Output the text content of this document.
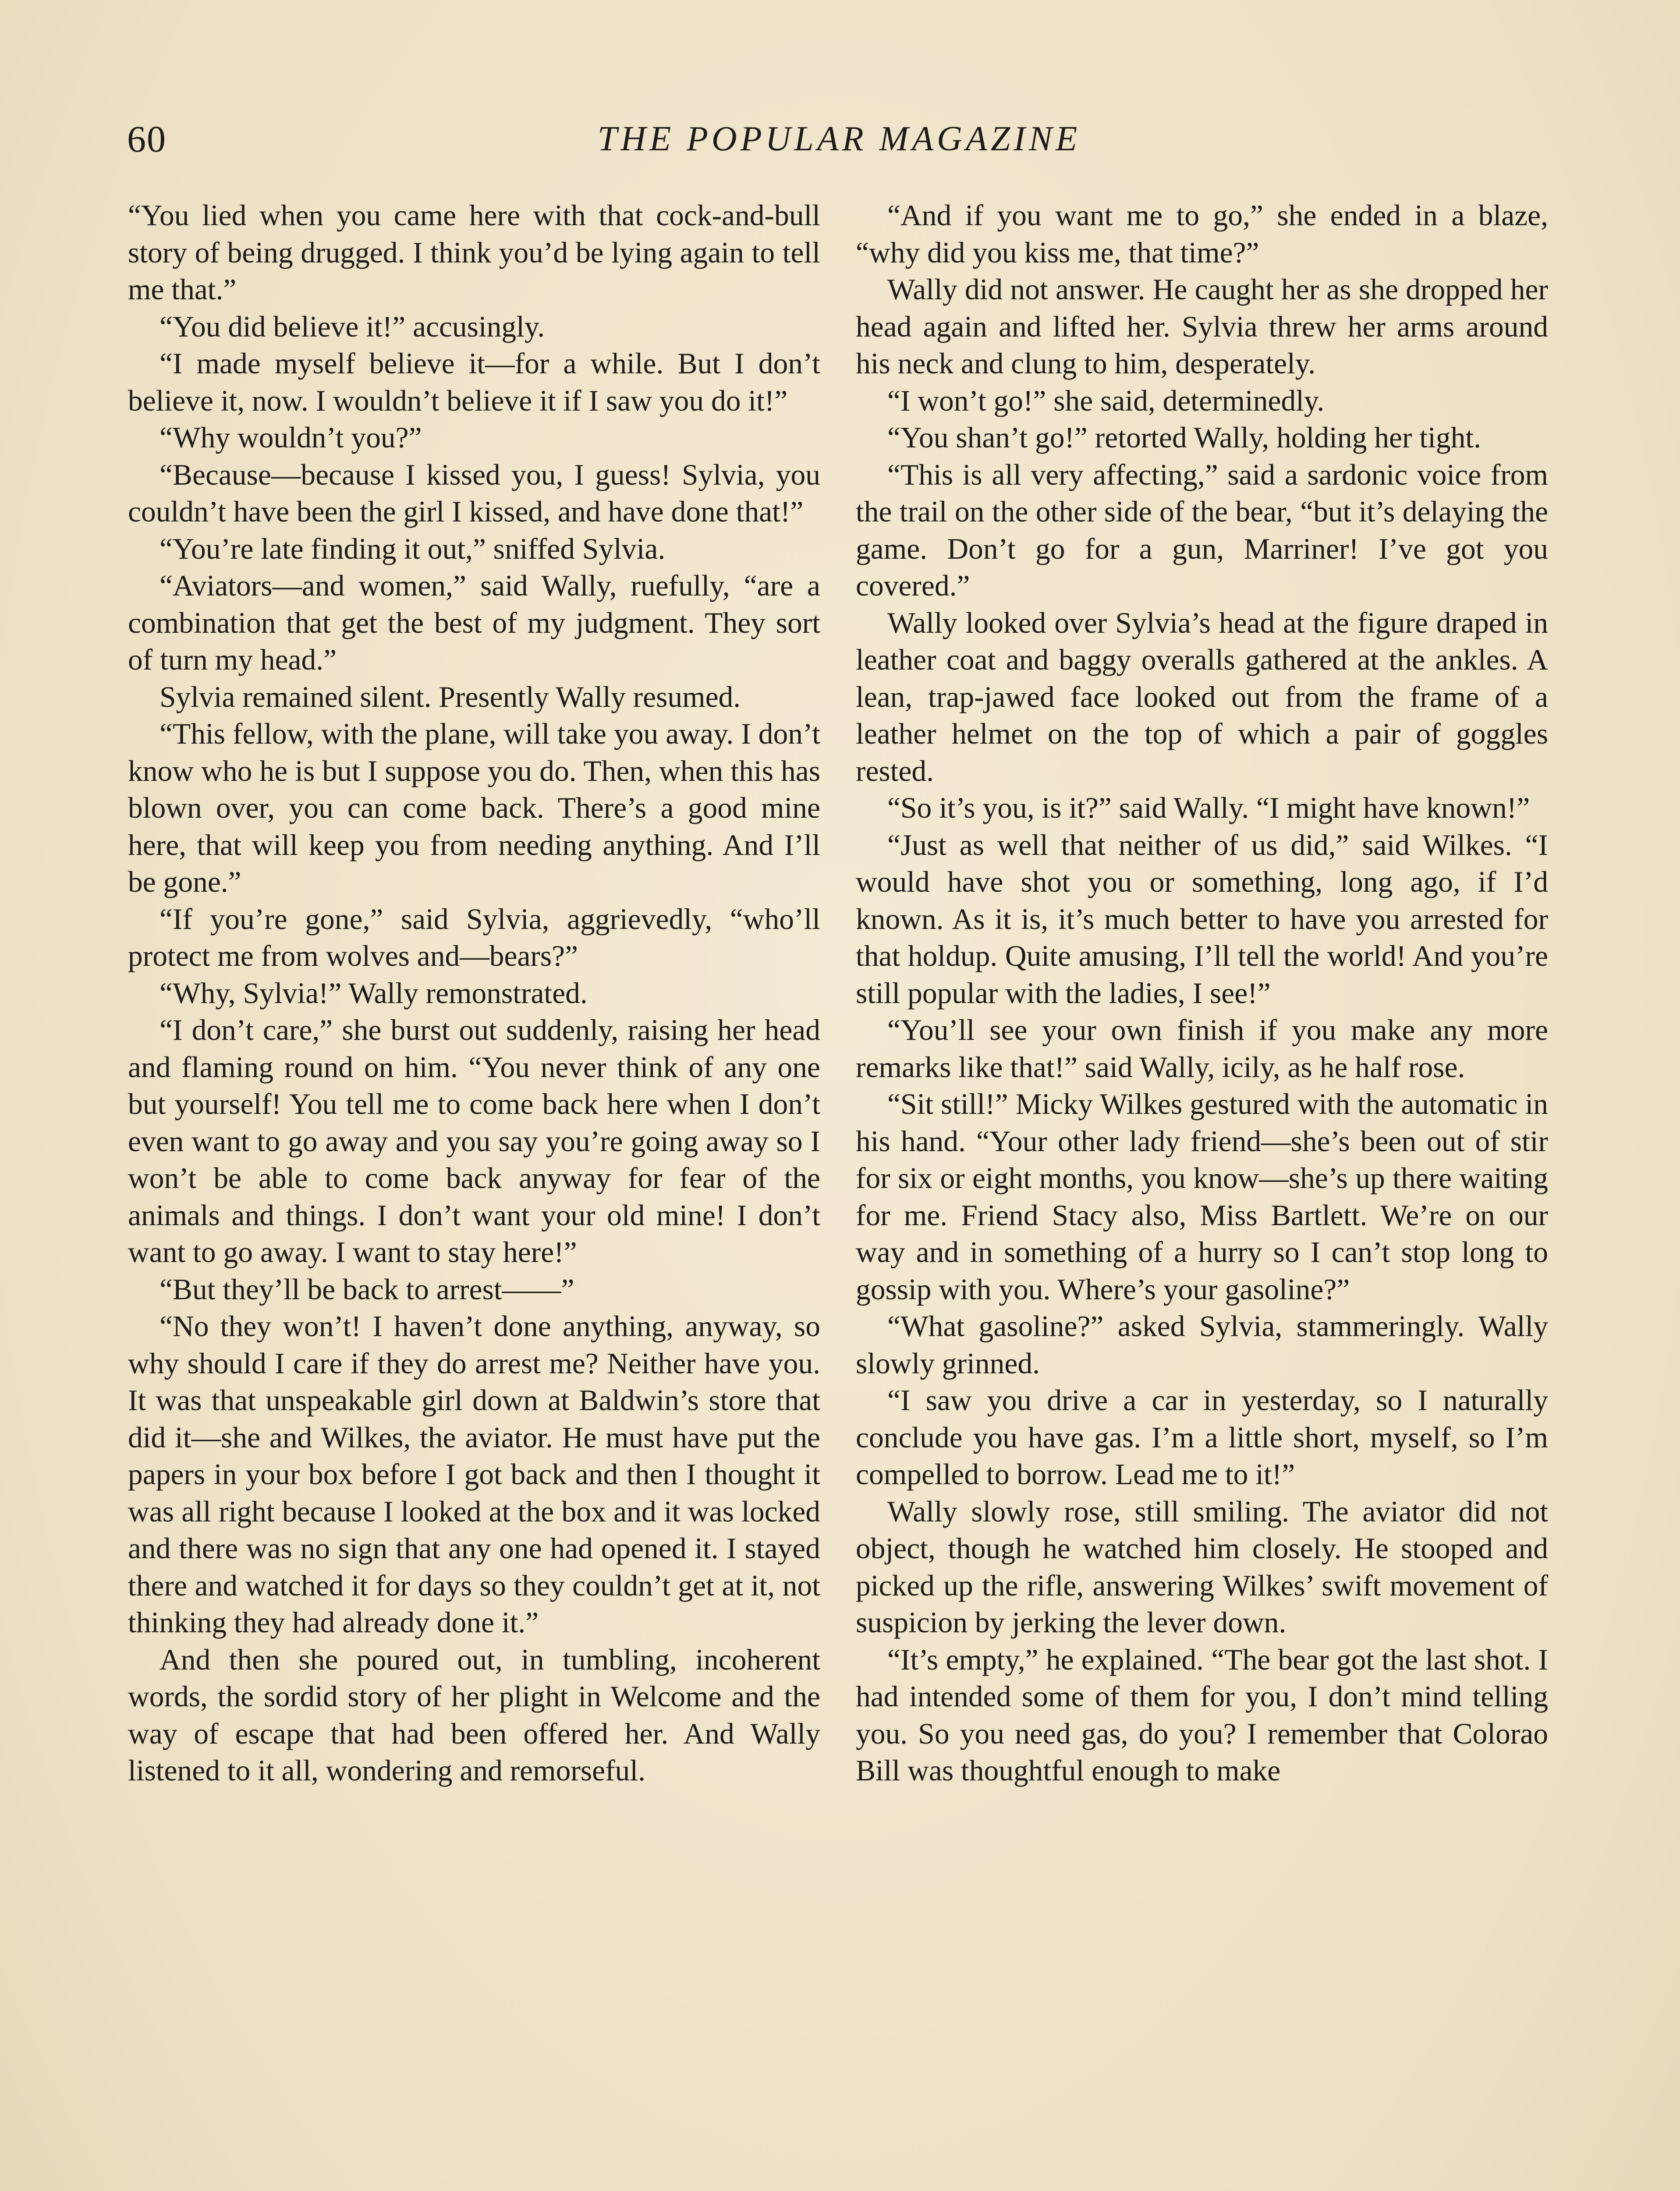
60	THE POPULAR MAGAZINE

“You lied when you came here with that cock-and-bull story of being drugged. I think you’d be lying again to tell me that.”

“You did believe it!” accusingly.

“I made myself believe it—for a while. But I don’t believe it, now. I wouldn’t believe it if I saw you do it!”

“Why wouldn’t you?”

“Because—because I kissed you, I guess! Sylvia, you couldn’t have been the girl I kissed, and have done that!”

“You’re late finding it out,” sniffed Sylvia.

“Aviators—and women,” said Wally, ruefully, “are a combination that get the best of my judgment. They sort of turn my head.”

Sylvia remained silent. Presently Wally resumed.

“This fellow, with the plane, will take you away. I don’t know who he is but I suppose you do. Then, when this has blown over, you can come back. There’s a good mine here, that will keep you from needing anything. And I’ll be gone.”

“If you’re gone,” said Sylvia, aggrievedly, “who’ll protect me from wolves and—bears?”

“Why, Sylvia!” Wally remonstrated.

“I don’t care,” she burst out suddenly, raising her head and flaming round on him. “You never think of any one but yourself! You tell me to come back here when I don’t even want to go away and you say you’re going away so I won’t be able to come back anyway for fear of the animals and things. I don’t want your old mine! I don’t want to go away. I want to stay here!”

“But they’ll be back to arrest——”

“No they won’t! I haven’t done anything, anyway, so why should I care if they do arrest me? Neither have you. It was that unspeakable girl down at Baldwin’s store that did it—she and Wilkes, the aviator. He must have put the papers in your box before I got back and then I thought it was all right because I looked at the box and it was locked and there was no sign that any one had opened it. I stayed there and watched it for days so they couldn’t get at it, not thinking they had already done it.”

And then she poured out, in tumbling, incoherent words, the sordid story of her plight in Welcome and the way of escape that had been offered her. And Wally listened to it all, wondering and remorseful.

“And if you want me to go,” she ended in a blaze, “why did you kiss me, that time?”

Wally did not answer. He caught her as she dropped her head again and lifted her. Sylvia threw her arms around his neck and clung to him, desperately.

“I won’t go!” she said, determinedly.

“You shan’t go!” retorted Wally, holding her tight.

“This is all very affecting,” said a sardonic voice from the trail on the other side of the bear, “but it’s delaying the game. Don’t go for a gun, Marriner! I’ve got you covered.”

Wally looked over Sylvia’s head at the figure draped in leather coat and baggy overalls gathered at the ankles. A lean, trap-jawed face looked out from the frame of a leather helmet on the top of which a pair of goggles rested.

“So it’s you, is it?” said Wally. “I might have known!”

“Just as well that neither of us did,” said Wilkes. “I would have shot you or something, long ago, if I’d known. As it is, it’s much better to have you arrested for that holdup. Quite amusing, I’ll tell the world! And you’re still popular with the ladies, I see!”

“You’ll see your own finish if you make any more remarks like that!” said Wally, icily, as he half rose.

“Sit still!” Micky Wilkes gestured with the automatic in his hand. “Your other lady friend—she’s been out of stir for six or eight months, you know—she’s up there waiting for me. Friend Stacy also, Miss Bartlett. We’re on our way and in something of a hurry so I can’t stop long to gossip with you. Where’s your gasoline?”

“What gasoline?” asked Sylvia, stammeringly. Wally slowly grinned.

“I saw you drive a car in yesterday, so I naturally conclude you have gas. I’m a little short, myself, so I’m compelled to borrow. Lead me to it!”

Wally slowly rose, still smiling. The aviator did not object, though he watched him closely. He stooped and picked up the rifle, answering Wilkes’ swift movement of suspicion by jerking the lever down.

“It’s empty,” he explained. “The bear got the last shot. I had intended some of them for you, I don’t mind telling you. So you need gas, do you? I remember that Colorao Bill was thoughtful enough to make
